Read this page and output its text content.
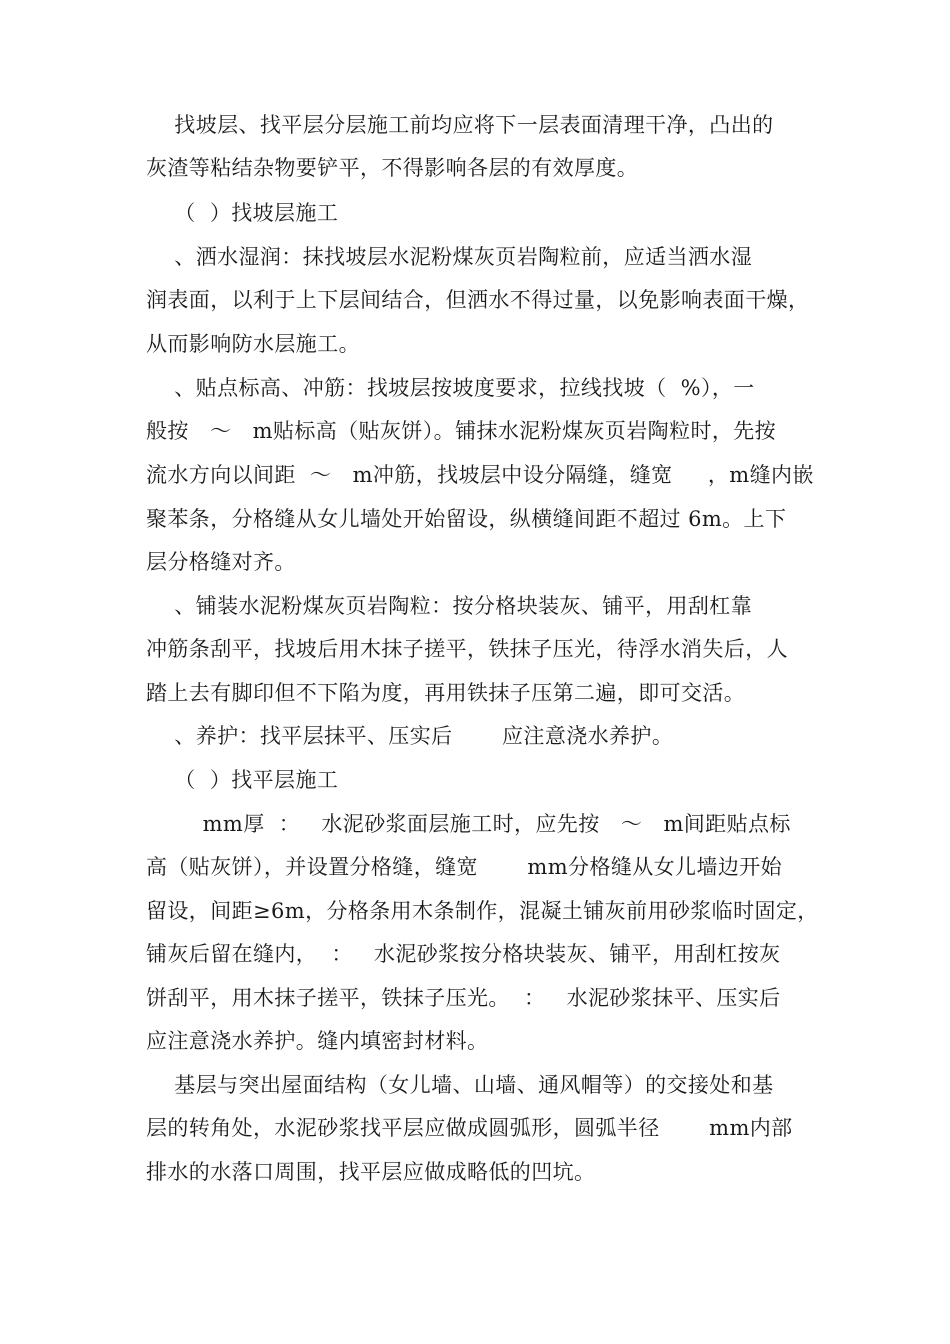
找坡层、找平层分层施工前均应将下一层表面清理干净，凸出的
灰渣等粘结杂物要铲平，不得影响各层的有效厚度。
（  ）找坡层施工
、洒水湿润：抹找坡层水泥粉煤灰页岩陶粒前，应适当洒水湿
润表面，以利于上下层间结合，但洒水不得过量，以免影响表面干燥，
从而影响防水层施工。
、贴点标高、冲筋：找坡层按坡度要求，拉线找坡（  %），一
般按   ～   m贴标高（贴灰饼）。铺抹水泥粉煤灰页岩陶粒时，先按
流水方向以间距  ～   m冲筋，找坡层中设分隔缝，缝宽     ，m缝内嵌
聚苯条，分格缝从女儿墙处开始留设，纵横缝间距不超过 6m。上下
层分格缝对齐。
、铺装水泥粉煤灰页岩陶粒：按分格块装灰、铺平，用刮杠靠
冲筋条刮平，找坡后用木抹子搓平，铁抹子压光，待浮水消失后，人
踏上去有脚印但不下陷为度，再用铁抹子压第二遍，即可交活。
、养护：找平层抹平、压实后       应注意浇水养护。
（  ）找平层施工
mm厚  ：   水泥砂浆面层施工时，应先按   ～   m间距贴点标
高（贴灰饼），并设置分格缝，缝宽       mm分格缝从女儿墙边开始
留设，间距≥6m，分格条用木条制作，混凝土铺灰前用砂浆临时固定，
铺灰后留在缝内，  ：   水泥砂浆按分格块装灰、铺平，用刮杠按灰
饼刮平，用木抹子搓平，铁抹子压光。  ：   水泥砂浆抹平、压实后
应注意浇水养护。缝内填密封材料。
基层与突出屋面结构（女儿墙、山墙、通风帽等）的交接处和基
层的转角处，水泥砂浆找平层应做成圆弧形，圆弧半径       mm内部
排水的水落口周围，找平层应做成略低的凹坑。
